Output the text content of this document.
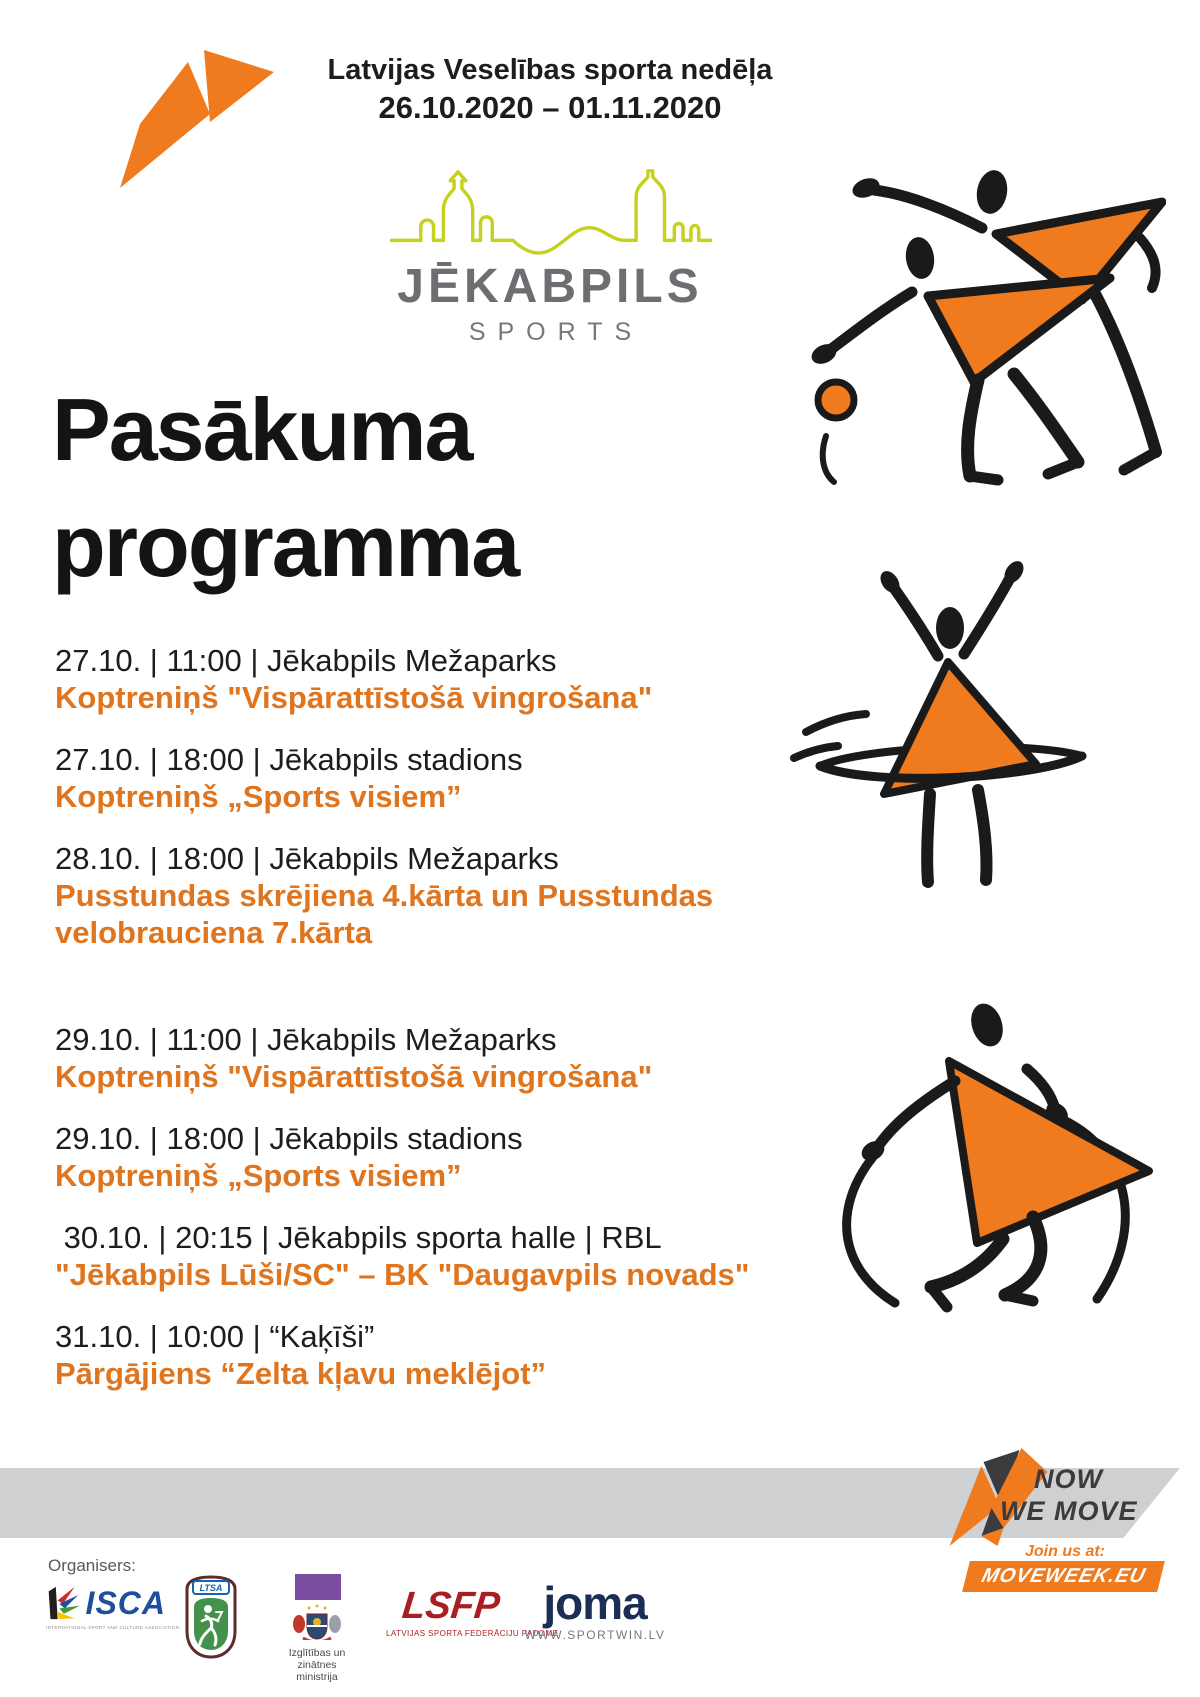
Latvijas Veselības sporta nedēļa
26.10.2020 – 01.11.2020
JĒKABPILS
SPORTS
Pasākuma
programma
27.10. | 11:00 | Jēkabpils Mežaparks
Koptreniņš "Vispārattīstošā vingrošana"
27.10. | 18:00 | Jēkabpils stadions
Koptreniņš „Sports visiem”
28.10. | 18:00 | Jēkabpils Mežaparks
Pusstundas skrējiena 4.kārta un Pusstundas velobrauciena 7.kārta
29.10. | 11:00 | Jēkabpils Mežaparks
Koptreniņš "Vispārattīstošā vingrošana"
29.10. | 18:00 | Jēkabpils stadions
Koptreniņš „Sports visiem”
30.10. | 20:15 | Jēkabpils sporta halle | RBL
"Jēkabpils Lūši/SC" – BK "Daugavpils novads"
31.10. | 10:00 | “Kaķīši”
Pārgājiens “Zelta kļavu meklējot”
NOW
WE MOVE
Join us at:
MOVEWEEK.EU
Organisers:
ISCA
INTERNATIONAL SPORT AND CULTURE ASSOCIATION
LTSA
Izglītības un zinātnes
ministrija
LSFP
LATVIJAS SPORTA FEDERĀCIJU PADOME
joma
WWW.SPORTWIN.LV
